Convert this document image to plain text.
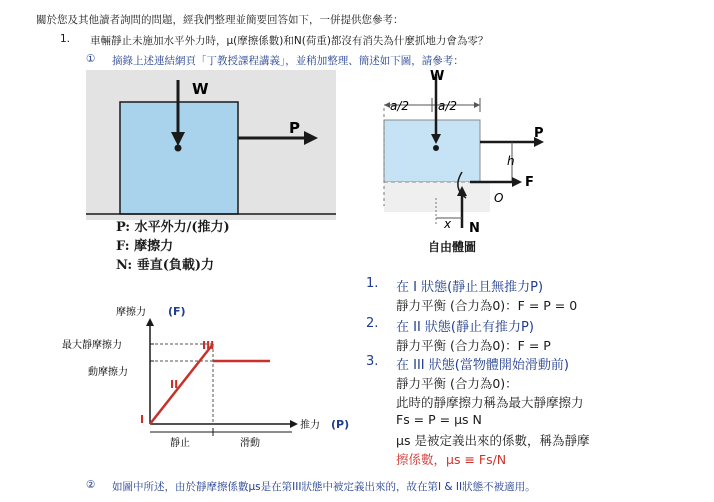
關於您及其他讀者詢問的問題，經我們整理並簡要回答如下，一併提供您參考：
1. 車輛靜止未施加水平外力時，μ(摩擦係數)和N(荷重)都沒有消失為什麼抓地力會為零？
① 摘錄上述連結網頁「丁教授課程講義」，並稍加整理、簡述如下圖，請參考：
W
P
P: 水平外力/(推力)
F: 摩擦力
N: 垂直(負載)力
a/2 a/2
W
P
h
F
O
N
x
自由體圖
摩擦力 (F)
推力 (P)
最大靜摩擦力
動摩擦力
I
II
III
靜止	滑動
1. 在 I 狀態(靜止且無推力P)
靜力平衡 (合力為0)：F = P = 0
2. 在 II 狀態(靜止有推力P)
靜力平衡 (合力為0)：F = P
3. 在 III 狀態(當物體開始滑動前)
靜力平衡 (合力為0)：
此時的靜摩擦力稱為最大靜摩擦力
Fs = P = μs N
μs 是被定義出來的係數，稱為靜摩
擦係數，μs ≡ Fs/N
② 如圖中所述，由於靜摩擦係數μs是在第III狀態中被定義出來的，故在第I & II狀態不被適用。
